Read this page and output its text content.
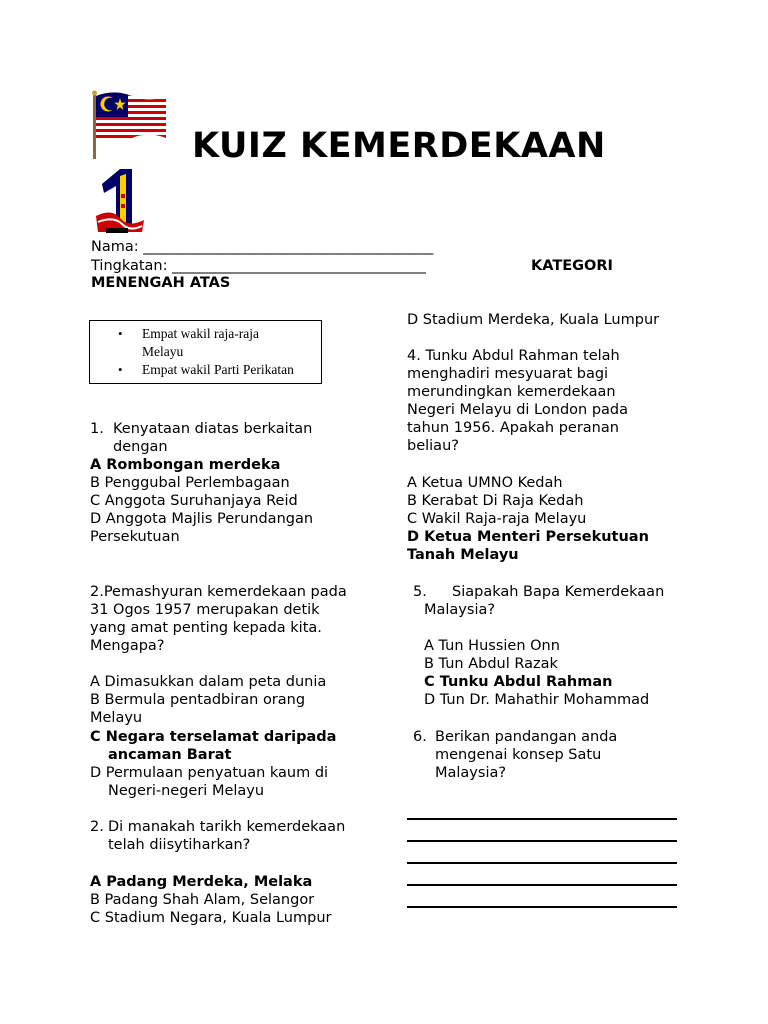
KUIZ KEMERDEKAAN
Nama: ________________________________________
Tingkatan: ___________________________________	KATEGORI
MENENGAH ATAS
• Empat wakil raja-raja
Melayu
• Empat wakil Parti Perikatan
1. Kenyataan diatas berkaitan
dengan
A Rombongan merdeka
B Penggubal Perlembagaan
C Anggota Suruhanjaya Reid
D Anggota Majlis Perundangan
Persekutuan
2.Pemashyuran kemerdekaan pada
31 Ogos 1957 merupakan detik
yang amat penting kepada kita.
Mengapa?
A Dimasukkan dalam peta dunia
B Bermula pentadbiran orang
Melayu
C Negara terselamat daripada
ancaman Barat
D Permulaan penyatuan kaum di
Negeri-negeri Melayu
2. Di manakah tarikh kemerdekaan
telah diisytiharkan?
A Padang Merdeka, Melaka
B Padang Shah Alam, Selangor
C Stadium Negara, Kuala Lumpur
D Stadium Merdeka, Kuala Lumpur
4. Tunku Abdul Rahman telah
menghadiri mesyuarat bagi
merundingkan kemerdekaan
Negeri Melayu di London pada
tahun 1956. Apakah peranan
beliau?
A Ketua UMNO Kedah
B Kerabat Di Raja Kedah
C Wakil Raja-raja Melayu
D Ketua Menteri Persekutuan
Tanah Melayu
5. Siapakah Bapa Kemerdekaan
Malaysia?
A Tun Hussien Onn
B Tun Abdul Razak
C Tunku Abdul Rahman
D Tun Dr. Mahathir Mohammad
6. Berikan pandangan anda
mengenai konsep Satu
Malaysia?
